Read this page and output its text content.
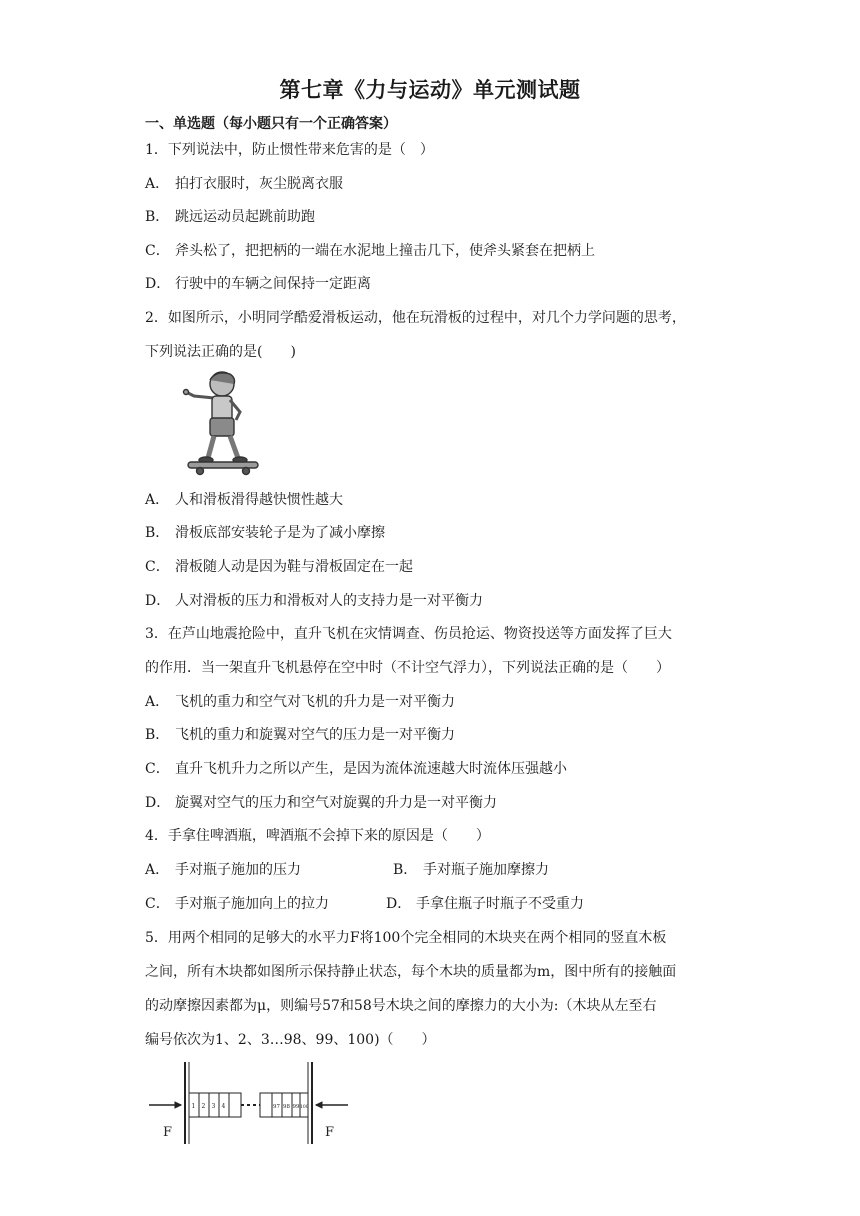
第七章《力与运动》单元测试题
一、单选题（每小题只有一个正确答案）
1．下列说法中，防止惯性带来危害的是（　）
A． 拍打衣服时，灰尘脱离衣服
B． 跳远运动员起跳前助跑
C． 斧头松了，把把柄的一端在水泥地上撞击几下，使斧头紧套在把柄上
D． 行驶中的车辆之间保持一定距离
2．如图所示，小明同学酷爱滑板运动，他在玩滑板的过程中，对几个力学问题的思考，
下列说法正确的是(　　)
A． 人和滑板滑得越快惯性越大
B． 滑板底部安装轮子是为了减小摩擦
C． 滑板随人动是因为鞋与滑板固定在一起
D． 人对滑板的压力和滑板对人的支持力是一对平衡力
3．在芦山地震抢险中，直升飞机在灾情调查、伤员抢运、物资投送等方面发挥了巨大
的作用．当一架直升飞机悬停在空中时（不计空气浮力），下列说法正确的是（　　）
A． 飞机的重力和空气对飞机的升力是一对平衡力
B． 飞机的重力和旋翼对空气的压力是一对平衡力
C． 直升飞机升力之所以产生，是因为流体流速越大时流体压强越小
D． 旋翼对空气的压力和空气对旋翼的升力是一对平衡力
4．手拿住啤酒瓶，啤酒瓶不会掉下来的原因是（　　）
A． 手对瓶子施加的压力	B． 手对瓶子施加摩擦力
C． 手对瓶子施加向上的拉力	D． 手拿住瓶子时瓶子不受重力
5．用两个相同的足够大的水平力F将100个完全相同的木块夹在两个相同的竖直木板
之间，所有木块都如图所示保持静止状态，每个木块的质量都为m，图中所有的接触面
的动摩擦因素都为μ，则编号57和58号木块之间的摩擦力的大小为:（木块从左至右
编号依次为1、2、3…98、99、100)（　　）
F	F
1 2 3 4	97 98 99 100
